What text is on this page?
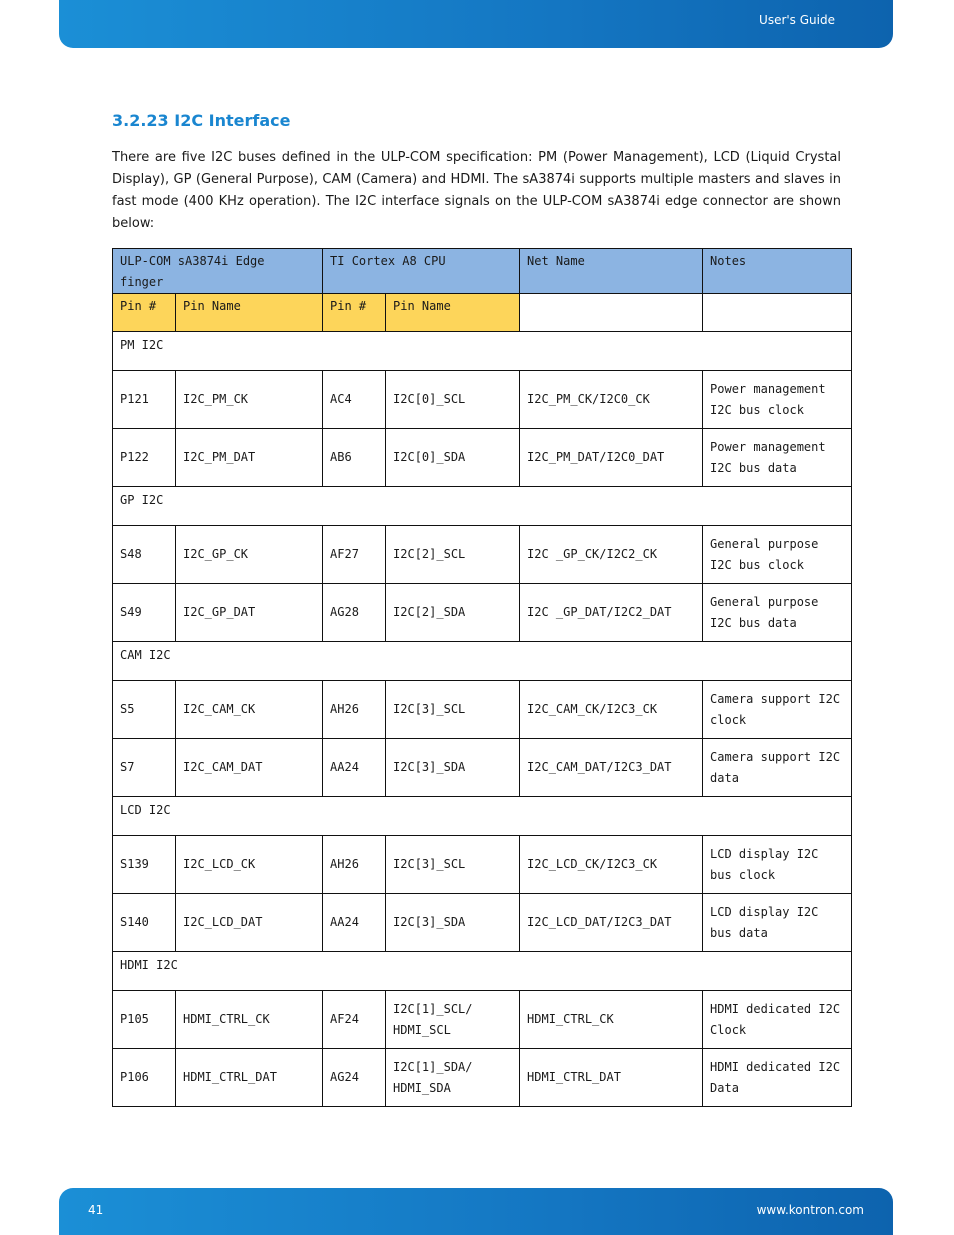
User's Guide
3.2.23 I2C Interface
There are five I2C buses defined in the ULP-COM specification: PM (Power Management), LCD (Liquid Crystal Display), GP (General Purpose), CAM (Camera) and HDMI. The sA3874i supports multiple masters and slaves in fast mode (400 KHz operation). The I2C interface signals on the ULP-COM sA3874i edge connector are shown below:
ULP-COM sA3874i Edge finger		TI Cortex A8 CPU		Net Name	Notes
Pin #	Pin Name	Pin #	Pin Name		
PM I2C					
P121	I2C_PM_CK	AC4	I2C[0]_SCL	I2C_PM_CK/I2C0_CK	Power management I2C bus clock
P122	I2C_PM_DAT	AB6	I2C[0]_SDA	I2C_PM_DAT/I2C0_DAT	Power management I2C bus data
GP I2C					
S48	I2C_GP_CK	AF27	I2C[2]_SCL	I2C _GP_CK/I2C2_CK	General purpose I2C bus clock
S49	I2C_GP_DAT	AG28	I2C[2]_SDA	I2C _GP_DAT/I2C2_DAT	General purpose I2C bus data
CAM I2C					
S5	I2C_CAM_CK	AH26	I2C[3]_SCL	I2C_CAM_CK/I2C3_CK	Camera support I2C clock
S7	I2C_CAM_DAT	AA24	I2C[3]_SDA	I2C_CAM_DAT/I2C3_DAT	Camera support I2C data
LCD I2C					
S139	I2C_LCD_CK	AH26	I2C[3]_SCL	I2C_LCD_CK/I2C3_CK	LCD display I2C bus clock
S140	I2C_LCD_DAT	AA24	I2C[3]_SDA	I2C_LCD_DAT/I2C3_DAT	LCD display I2C bus data
HDMI I2C					
P105	HDMI_CTRL_CK	AF24	I2C[1]_SCL/ HDMI_SCL	HDMI_CTRL_CK	HDMI dedicated I2C Clock
P106	HDMI_CTRL_DAT	AG24	I2C[1]_SDA/ HDMI_SDA	HDMI_CTRL_DAT	HDMI dedicated I2C Data
41	www.kontron.com
